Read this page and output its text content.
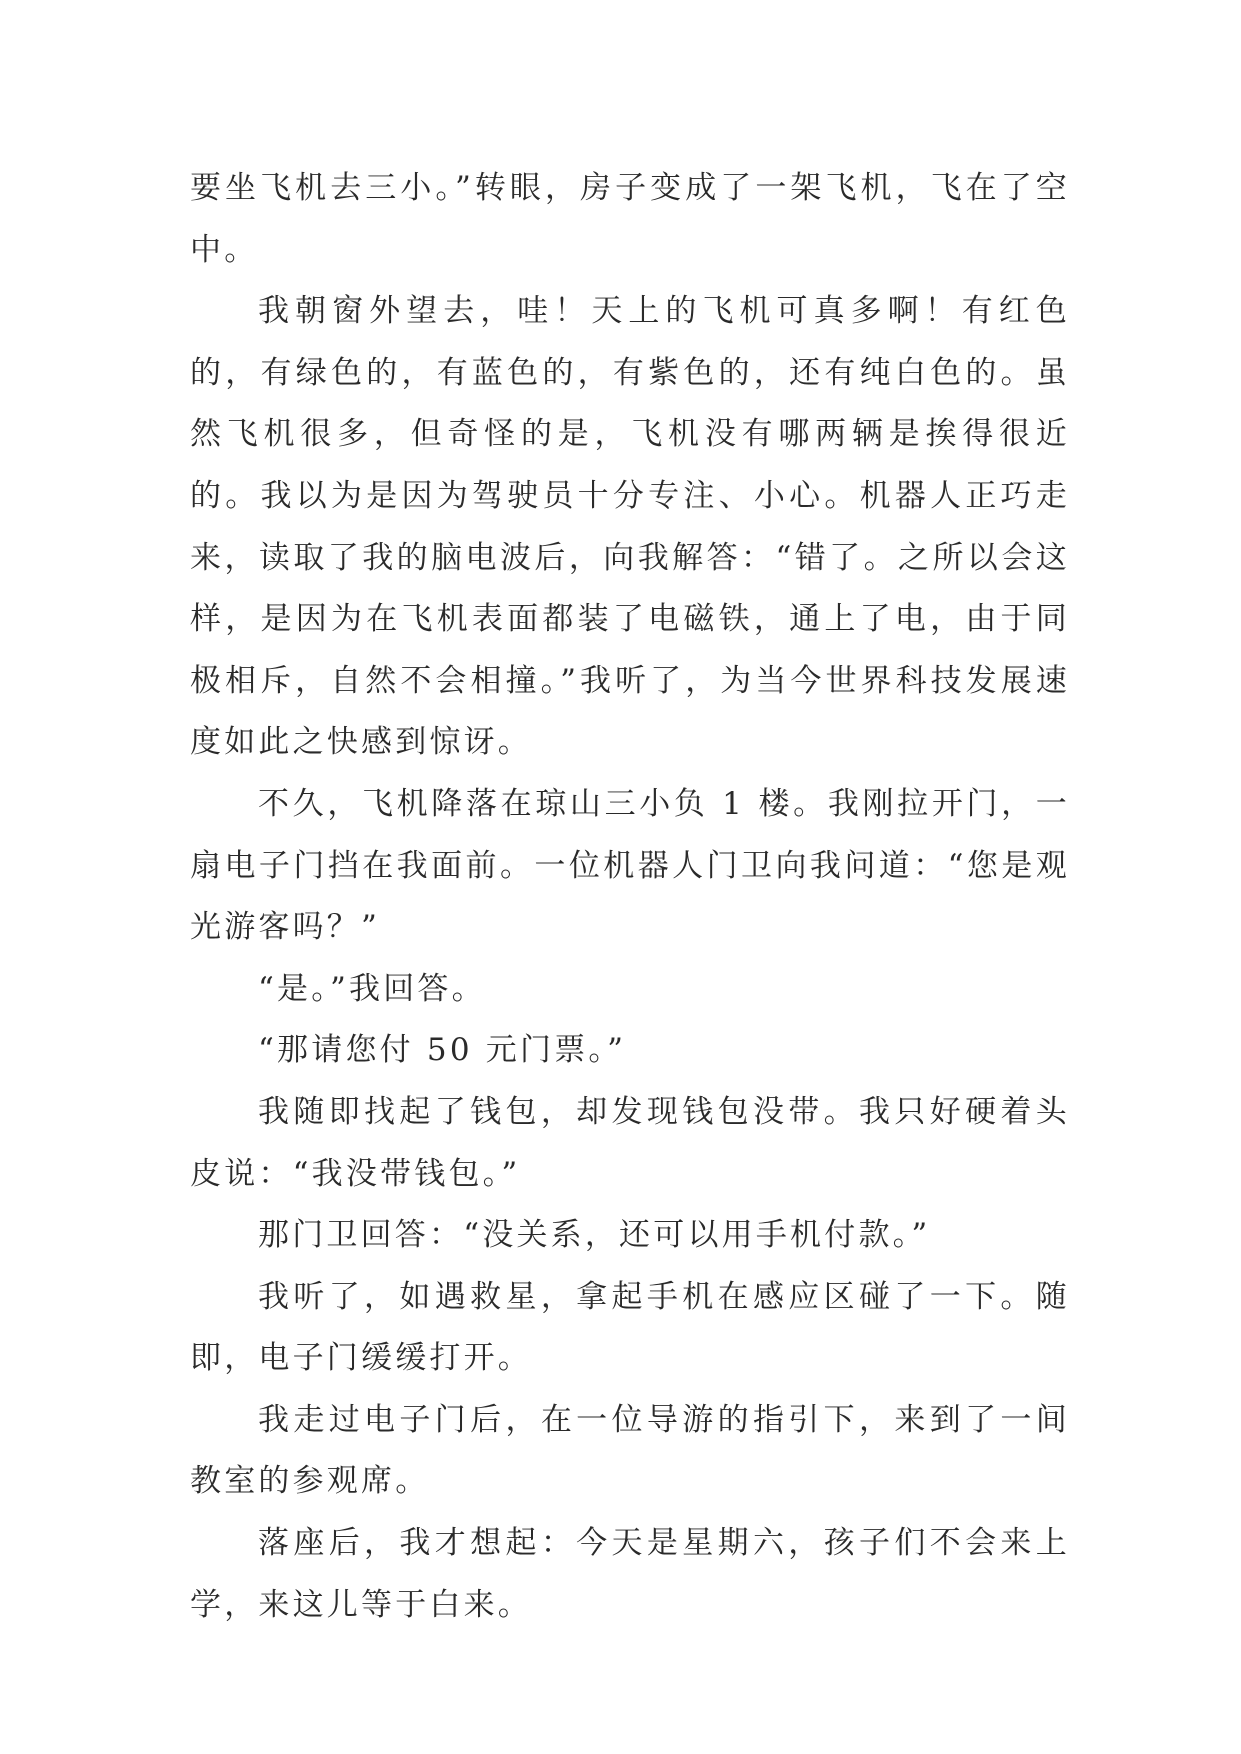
要坐飞机去三小。”转眼，房子变成了一架飞机，飞在了空中。

我朝窗外望去，哇！天上的飞机可真多啊！有红色的，有绿色的，有蓝色的，有紫色的，还有纯白色的。虽然飞机很多，但奇怪的是，飞机没有哪两辆是挨得很近的。我以为是因为驾驶员十分专注、小心。机器人正巧走来，读取了我的脑电波后，向我解答：“错了。之所以会这样，是因为在飞机表面都装了电磁铁，通上了电，由于同极相斥，自然不会相撞。”我听了，为当今世界科技发展速度如此之快感到惊讶。

不久，飞机降落在琼山三小负 1 楼。我刚拉开门，一扇电子门挡在我面前。一位机器人门卫向我问道：“您是观光游客吗？”

“是。”我回答。

“那请您付 50 元门票。”

我随即找起了钱包，却发现钱包没带。我只好硬着头皮说：“我没带钱包。”

那门卫回答：“没关系，还可以用手机付款。”

我听了，如遇救星，拿起手机在感应区碰了一下。随即，电子门缓缓打开。

我走过电子门后，在一位导游的指引下，来到了一间教室的参观席。

落座后，我才想起：今天是星期六，孩子们不会来上学，来这儿等于白来。
